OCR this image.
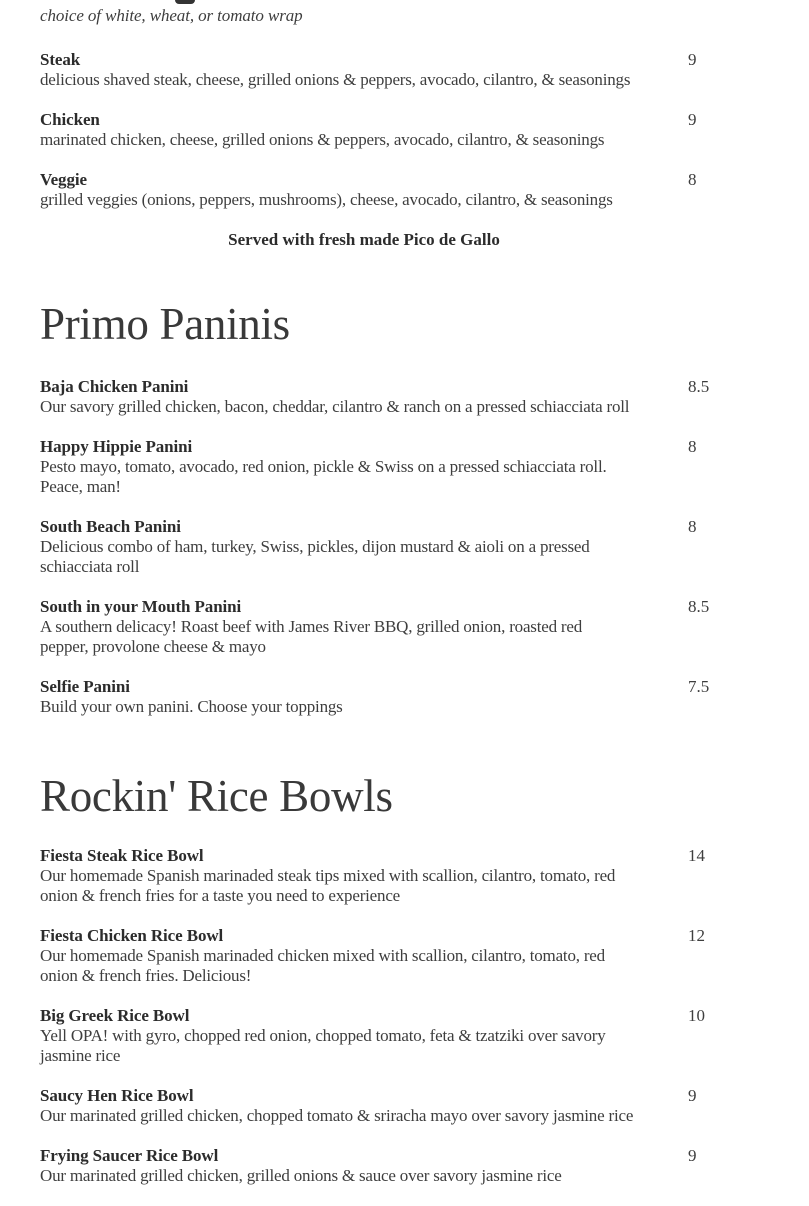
choice of white, wheat, or tomato wrap

Steak	9
delicious shaved steak, cheese, grilled onions & peppers, avocado, cilantro, & seasonings
Chicken	9
marinated chicken, cheese, grilled onions & peppers, avocado, cilantro, & seasonings
Veggie	8
grilled veggies (onions, peppers, mushrooms), cheese, avocado, cilantro, & seasonings

Served with fresh made Pico de Gallo

Primo Paninis
Baja Chicken Panini	8.5
Our savory grilled chicken, bacon, cheddar, cilantro & ranch on a pressed schiacciata roll
Happy Hippie Panini	8
Pesto mayo, tomato, avocado, red onion, pickle & Swiss on a pressed schiacciata roll.
Peace, man!
South Beach Panini	8
Delicious combo of ham, turkey, Swiss, pickles, dijon mustard & aioli on a pressed
schiacciata roll
South in your Mouth Panini	8.5
A southern delicacy! Roast beef with James River BBQ, grilled onion, roasted red
pepper, provolone cheese & mayo
Selfie Panini	7.5
Build your own panini. Choose your toppings
Rockin' Rice Bowls
Fiesta Steak Rice Bowl	14
Our homemade Spanish marinaded steak tips mixed with scallion, cilantro, tomato, red
onion & french fries for a taste you need to experience
Fiesta Chicken Rice Bowl	12
Our homemade Spanish marinaded chicken mixed with scallion, cilantro, tomato, red
onion & french fries. Delicious!
Big Greek Rice Bowl	10
Yell OPA! with gyro, chopped red onion, chopped tomato, feta & tzatziki over savory
jasmine rice
Saucy Hen Rice Bowl	9
Our marinated grilled chicken, chopped tomato & sriracha mayo over savory jasmine rice
Frying Saucer Rice Bowl	9
Our marinated grilled chicken, grilled onions & sauce over savory jasmine rice
